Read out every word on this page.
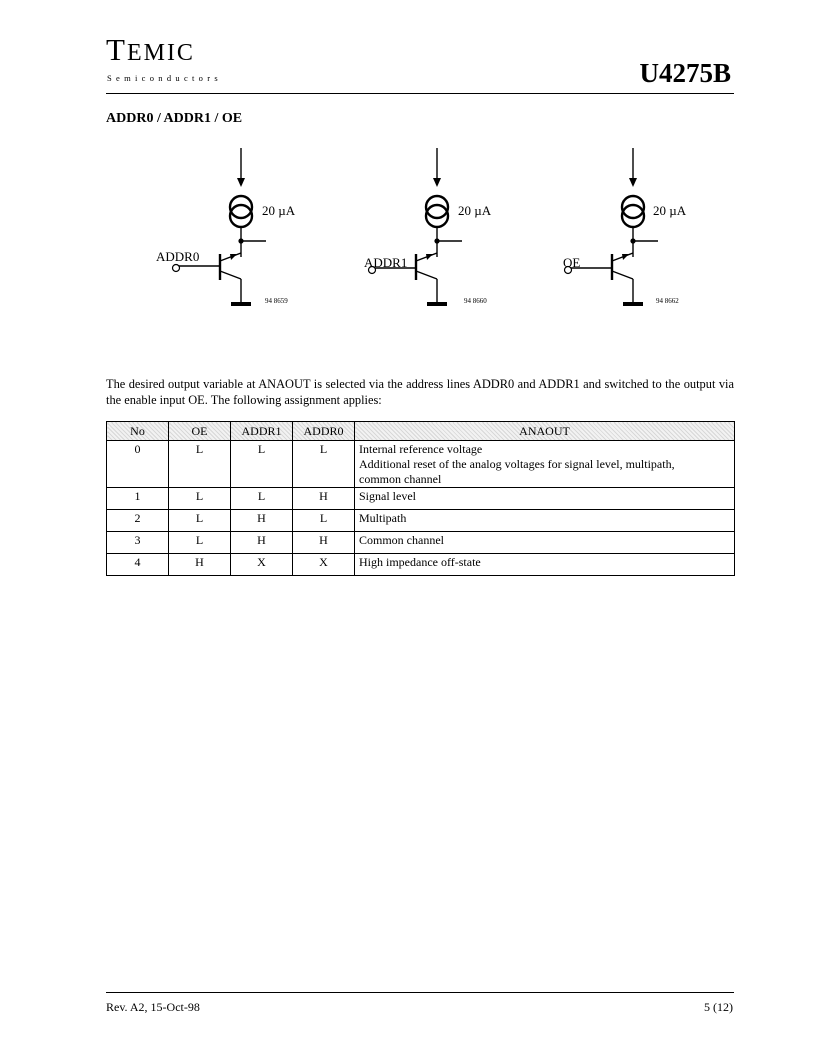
TEMIC
Semiconductors	U4275B
ADDR0 / ADDR1 / OE
20 µA
ADDR0
94 8659
20 µA
ADDR1
94 8660
20 µA
OE
94 8662
The desired output variable at ANAOUT is selected via the address lines ADDR0 and ADDR1 and switched to the output via the enable input OE. The following assignment applies:
No	OE	ADDR1	ADDR0	ANAOUT
0	L	L	L	Internal reference voltage
Additional reset of the analog voltages for signal level, multipath,
common channel

1	L	L	H	Signal level
2	L	H	L	Multipath
3	L	H	H	Common channel
4	H	X	X	High impedance off-state
Rev. A2, 15-Oct-98	5 (12)
